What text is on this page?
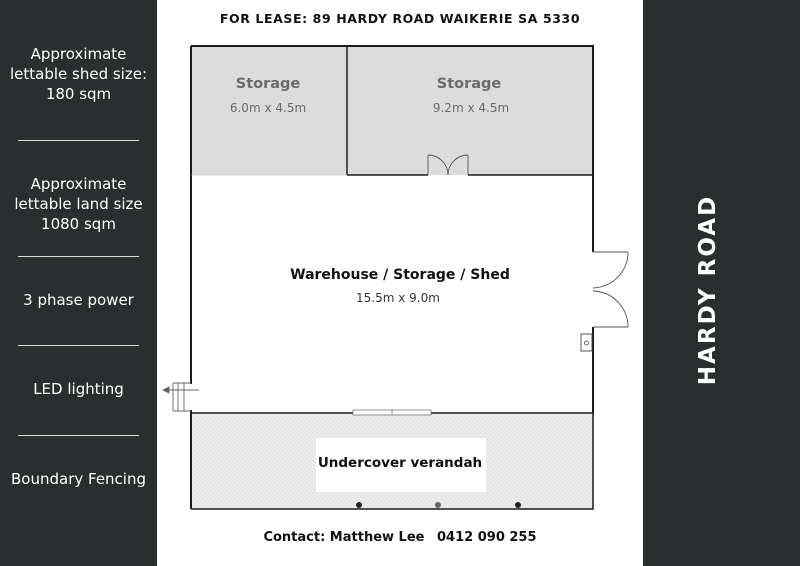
Approximate
lettable shed size:
180 sqm
Approximate
lettable land size
1080 sqm
3 phase power
LED lighting
Boundary Fencing
HARDY ROAD
FOR LEASE: 89 HARDY ROAD WAIKERIE SA 5330
Storage
6.0m x 4.5m
Storage
9.2m x 4.5m
Warehouse / Storage / Shed
15.5m x 9.0m
Undercover verandah
Contact: Matthew Lee 0412 090 255
